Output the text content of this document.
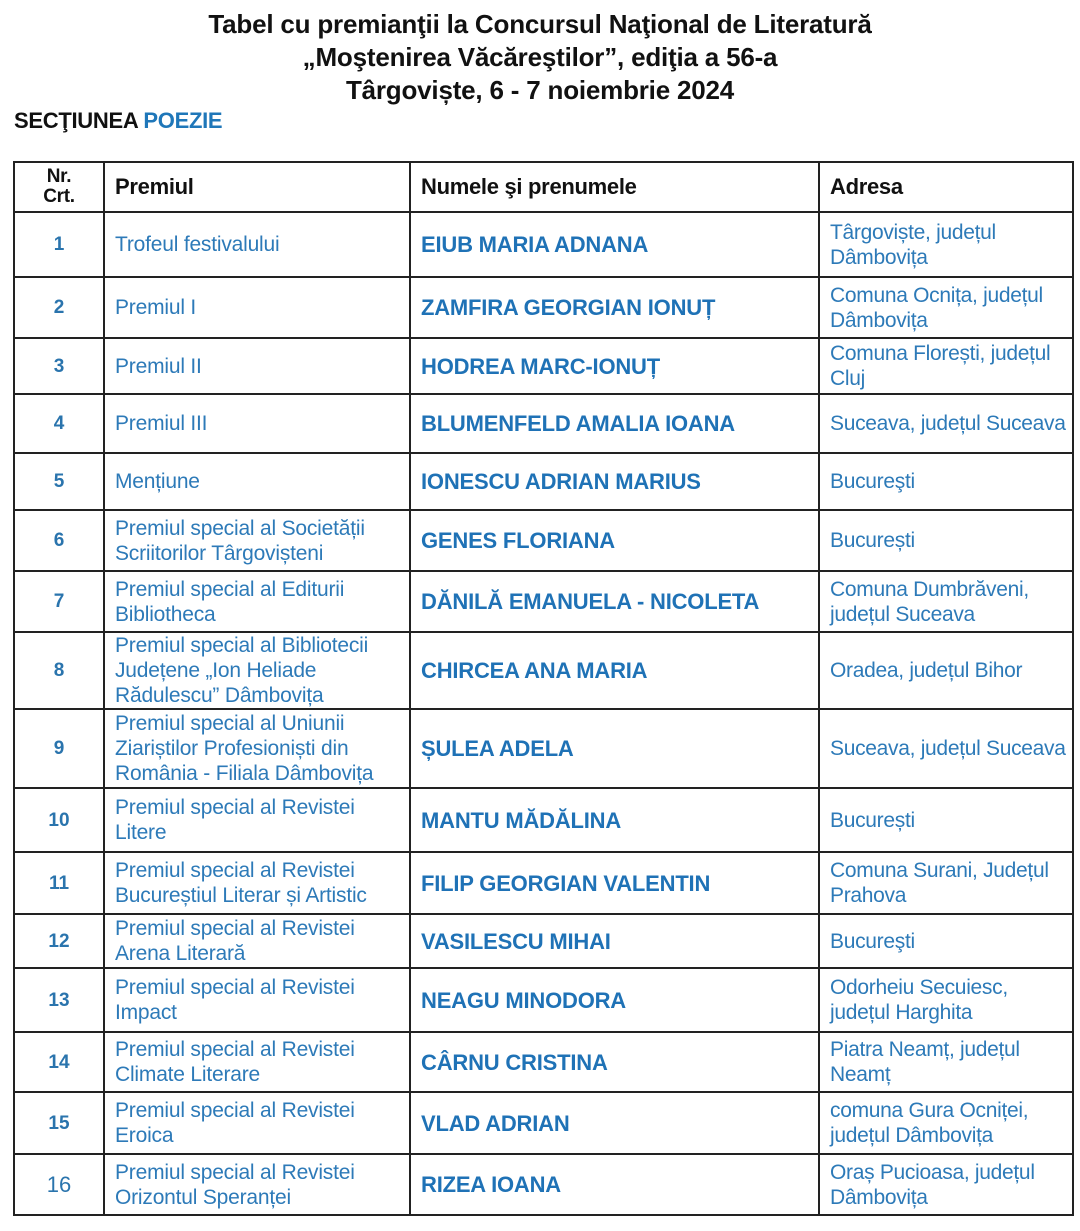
Tabel cu premianţii la Concursul Naţional de Literatură
„Moştenirea Văcăreştilor”, ediţia a 56-a
Târgoviște, 6 - 7 noiembrie 2024
SECŢIUNEA POEZIE
Nr.
Crt.	Premiul	Numele şi prenumele	Adresa
1	Trofeul festivalului	EIUB MARIA ADNANA	Târgoviște, județul Dâmbovița
2	Premiul I	ZAMFIRA GEORGIAN IONUȚ	Comuna Ocnița, județul Dâmbovița
3	Premiul II	HODREA MARC-IONUȚ	Comuna Florești, județul Cluj
4	Premiul III	BLUMENFELD AMALIA IOANA	Suceava, județul Suceava
5	Mențiune	IONESCU ADRIAN MARIUS	Bucureşti
6	Premiul special al Societății Scriitorilor Târgovișteni	GENES FLORIANA	București
7	Premiul special al Editurii Bibliotheca	DĂNILĂ EMANUELA - NICOLETA	Comuna Dumbrăveni, județul Suceava
8	Premiul special al Bibliotecii Județene „Ion Heliade Rădulescu” Dâmbovița	CHIRCEA ANA MARIA	Oradea, județul Bihor
9	Premiul special al Uniunii Ziariștilor Profesioniști din România - Filiala Dâmbovița	ȘULEA ADELA	Suceava, județul Suceava
10	Premiul special al Revistei Litere	MANTU MĂDĂLINA	București
11	Premiul special al Revistei Bucureștiul Literar și Artistic	FILIP GEORGIAN VALENTIN	Comuna Surani, Județul Prahova
12	Premiul special al Revistei Arena Literară	VASILESCU MIHAI	Bucureşti
13	Premiul special al Revistei Impact	NEAGU MINODORA	Odorheiu Secuiesc, județul Harghita
14	Premiul special al Revistei Climate Literare	CÂRNU CRISTINA	Piatra Neamț, județul Neamț
15	Premiul special al Revistei Eroica	VLAD ADRIAN	comuna Gura Ocniței, județul Dâmbovița
16	Premiul special al Revistei Orizontul Speranței	RIZEA IOANA	Oraș Pucioasa, județul Dâmbovița
